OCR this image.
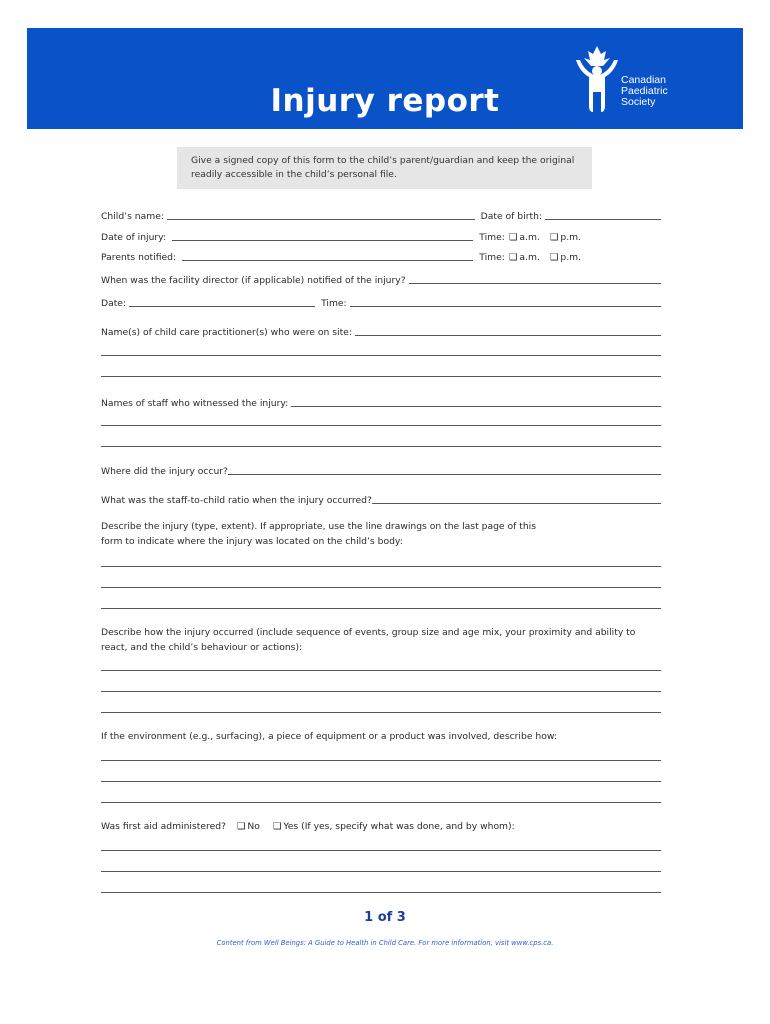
Injury report
Canadian
Paediatric
Society
Give a signed copy of this form to the child’s parent/guardian and keep the original
readily accessible in the child’s personal file.
Child’s name:	Date of birth:
Date of injury:	Time: ❏ a.m. ❏ p.m.
Parents notified:	Time: ❏ a.m. ❏ p.m.
When was the facility director (if applicable) notified of the injury?
Date:	Time:
Name(s) of child care practitioner(s) who were on site:
Names of staff who witnessed the injury:
Where did the injury occur?
What was the staff-to-child ratio when the injury occurred?
Describe the injury (type, extent). If appropriate, use the line drawings on the last page of this
form to indicate where the injury was located on the child’s body:
Describe how the injury occurred (include sequence of events, group size and age mix, your proximity and ability to
react, and the child’s behaviour or actions):
If the environment (e.g., surfacing), a piece of equipment or a product was involved, describe how:
Was first aid administered? ❏ No ❏ Yes (If yes, specify what was done, and by whom):
1 of 3
Content from Well Beings: A Guide to Health in Child Care. For more information, visit www.cps.ca.
